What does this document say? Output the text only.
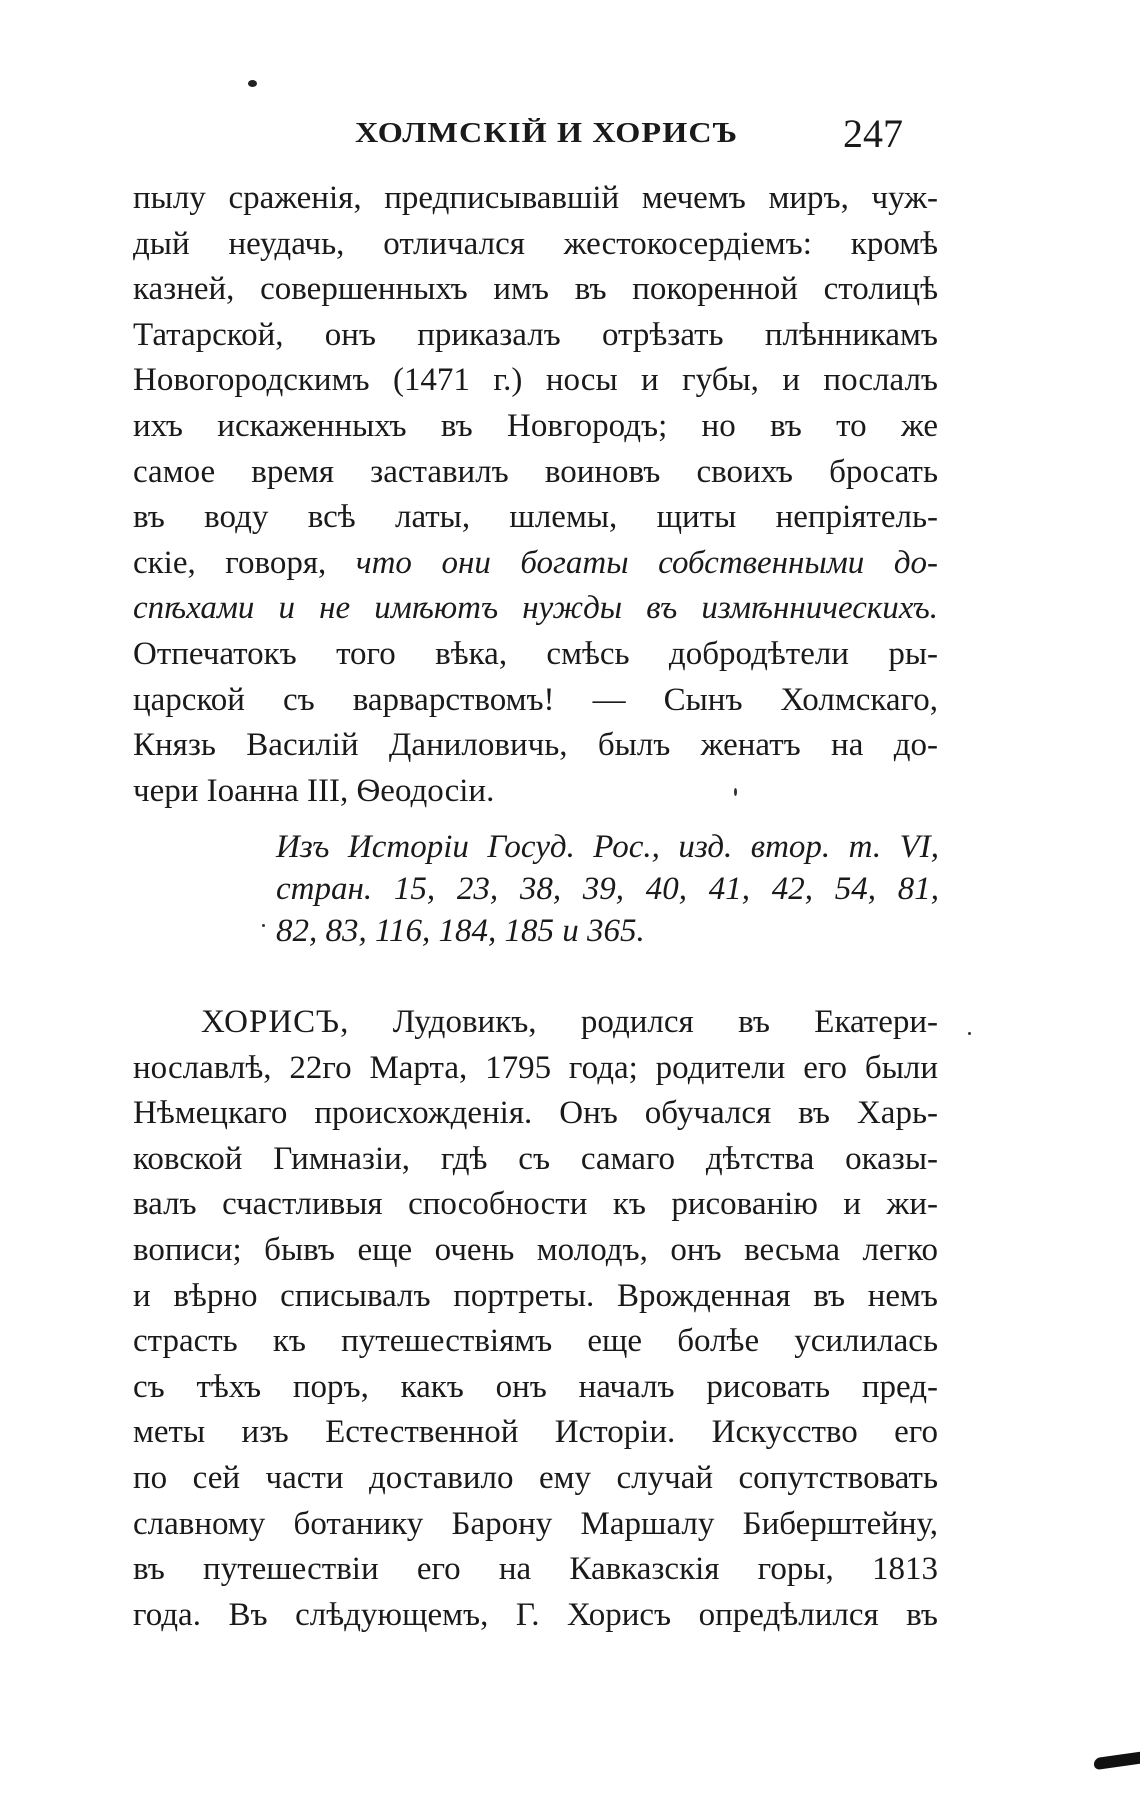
ХОЛМСКІЙ И ХОРИСЪ	247
пылу сраженія, предписывавшій мечемъ миръ, чуж-
дый неудачь, отличался жестокосердіемъ: кромѣ
казней, совершенныхъ имъ въ покоренной столицѣ
Татарской, онъ приказалъ отрѣзать плѣнникамъ
Новогородскимъ (1471 г.) носы и губы, и послалъ
ихъ искаженныхъ въ Новгородъ; но въ то же
самое время заставилъ воиновъ своихъ бросать
въ воду всѣ латы, шлемы, щиты непріятель-
скіе, говоря, что они богаты собственными до-
спѣхами и не имѣютъ нужды въ измѣнническихъ.
Отпечатокъ того вѣка, смѣсь добродѣтели ры-
царской съ варварствомъ! — Сынъ Холмскаго,
Князь Василій Даниловичь, былъ женатъ на до-
чери Іоанна III, Ѳеодосіи.
Изъ Исторіи Госуд. Рос., изд. втор. т. VI,
стран. 15, 23, 38, 39, 40, 41, 42, 54, 81,
82, 83, 116, 184, 185 и 365.
ХОРИСЪ, Лудовикъ, родился въ Екатери-
нославлѣ, 22го Марта, 1795 года; родители его были
Нѣмецкаго происхожденія. Онъ обучался въ Харь-
ковской Гимназіи, гдѣ съ самаго дѣтства оказы-
валъ счастливыя способности къ рисованію и жи-
вописи; бывъ еще очень молодъ, онъ весьма легко
и вѣрно списывалъ портреты. Врожденная въ немъ
страсть къ путешествіямъ еще болѣе усилилась
съ тѣхъ поръ, какъ онъ началъ рисовать пред-
меты изъ Естественной Исторіи. Искусство его
по сей части доставило ему случай сопутствовать
славному ботанику Барону Маршалу Биберштейну,
въ путешествіи его на Кавказскія горы, 1813
года. Въ слѣдующемъ, Г. Хорисъ опредѣлился въ
